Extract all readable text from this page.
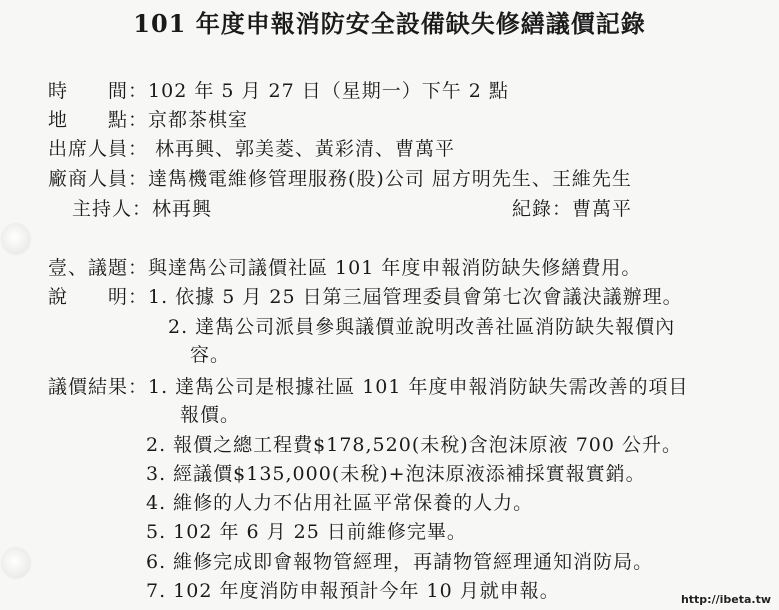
101 年度申報消防安全設備缺失修繕議價記錄
時　　間：102 年 5 月 27 日（星期一）下午 2 點
地　　點：京都茶棋室
出席人員： 林再興、郭美菱、黃彩清、曹萬平
廠商人員：達雋機電維修管理服務(股)公司 屈方明先生、王維先生
主持人：林再興	紀錄：曹萬平
壹、議題：與達雋公司議價社區 101 年度申報消防缺失修繕費用。
說　　明：1. 依據 5 月 25 日第三屆管理委員會第七次會議決議辦理。
2. 達雋公司派員參與議價並說明改善社區消防缺失報價內
容。
議價結果：1. 達雋公司是根據社區 101 年度申報消防缺失需改善的項目
報價。
2. 報價之總工程費$178,520(未稅)含泡沫原液 700 公升。
3. 經議價$135,000(未稅)+泡沫原液添補採實報實銷。
4. 維修的人力不佔用社區平常保養的人力。
5. 102 年 6 月 25 日前維修完畢。
6. 維修完成即會報物管經理，再請物管經理通知消防局。
7. 102 年度消防申報預計今年 10 月就申報。	http://ibeta.tw
